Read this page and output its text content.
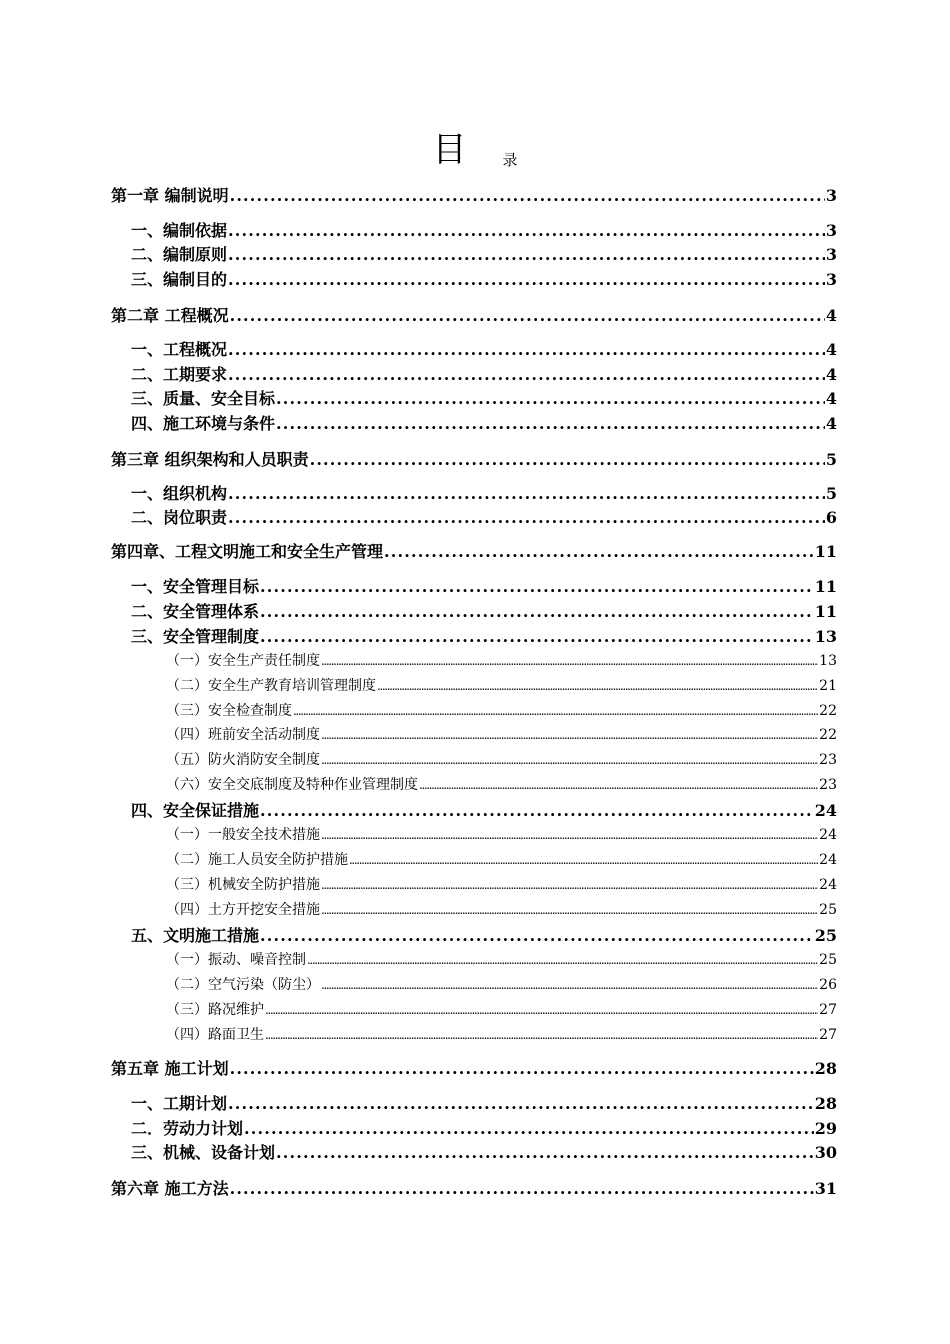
目 录
第一章 编制说明 . . .	3
一、编制依据 . . .	3
二、编制原则 . . .	3
三、编制目的 . . .	3
第二章 工程概况 . . .	4
一、工程概况 . . .	4
二、工期要求 . . .	4
三、质量、安全目标 . . .	4
四、施工环境与条件 . . .	4
第三章 组织架构和人员职责 . . .	5
一、组织机构 . . .	5
二、岗位职责 . . .	6
第四章、工程文明施工和安全生产管理 . . .	11
一、安全管理目标 . . .	11
二、安全管理体系 . . .	11
三、安全管理制度 . . .	13
（一）安全生产责任制度 . . .	13
（二）安全生产教育培训管理制度 . . .	21
（三）安全检查制度 . . .	22
（四）班前安全活动制度 . . .	22
（五）防火消防安全制度 . . .	23
（六）安全交底制度及特种作业管理制度 . . .	23
四、安全保证措施 . . .	24
（一）一般安全技术措施 . . .	24
（二）施工人员安全防护措施 . . .	24
（三）机械安全防护措施 . . .	24
（四）土方开挖安全措施 . . .	25
五、文明施工措施 . . .	25
（一）振动、噪音控制 . . .	25
（二）空气污染（防尘） . . .	26
（三）路况维护 . . .	27
（四）路面卫生 . . .	27
第五章 施工计划 . . .	28
一、工期计划 . . .	28
二．劳动力计划 . . .	29
三、机械、设备计划 . . .	30
第六章 施工方法 . . .	31
